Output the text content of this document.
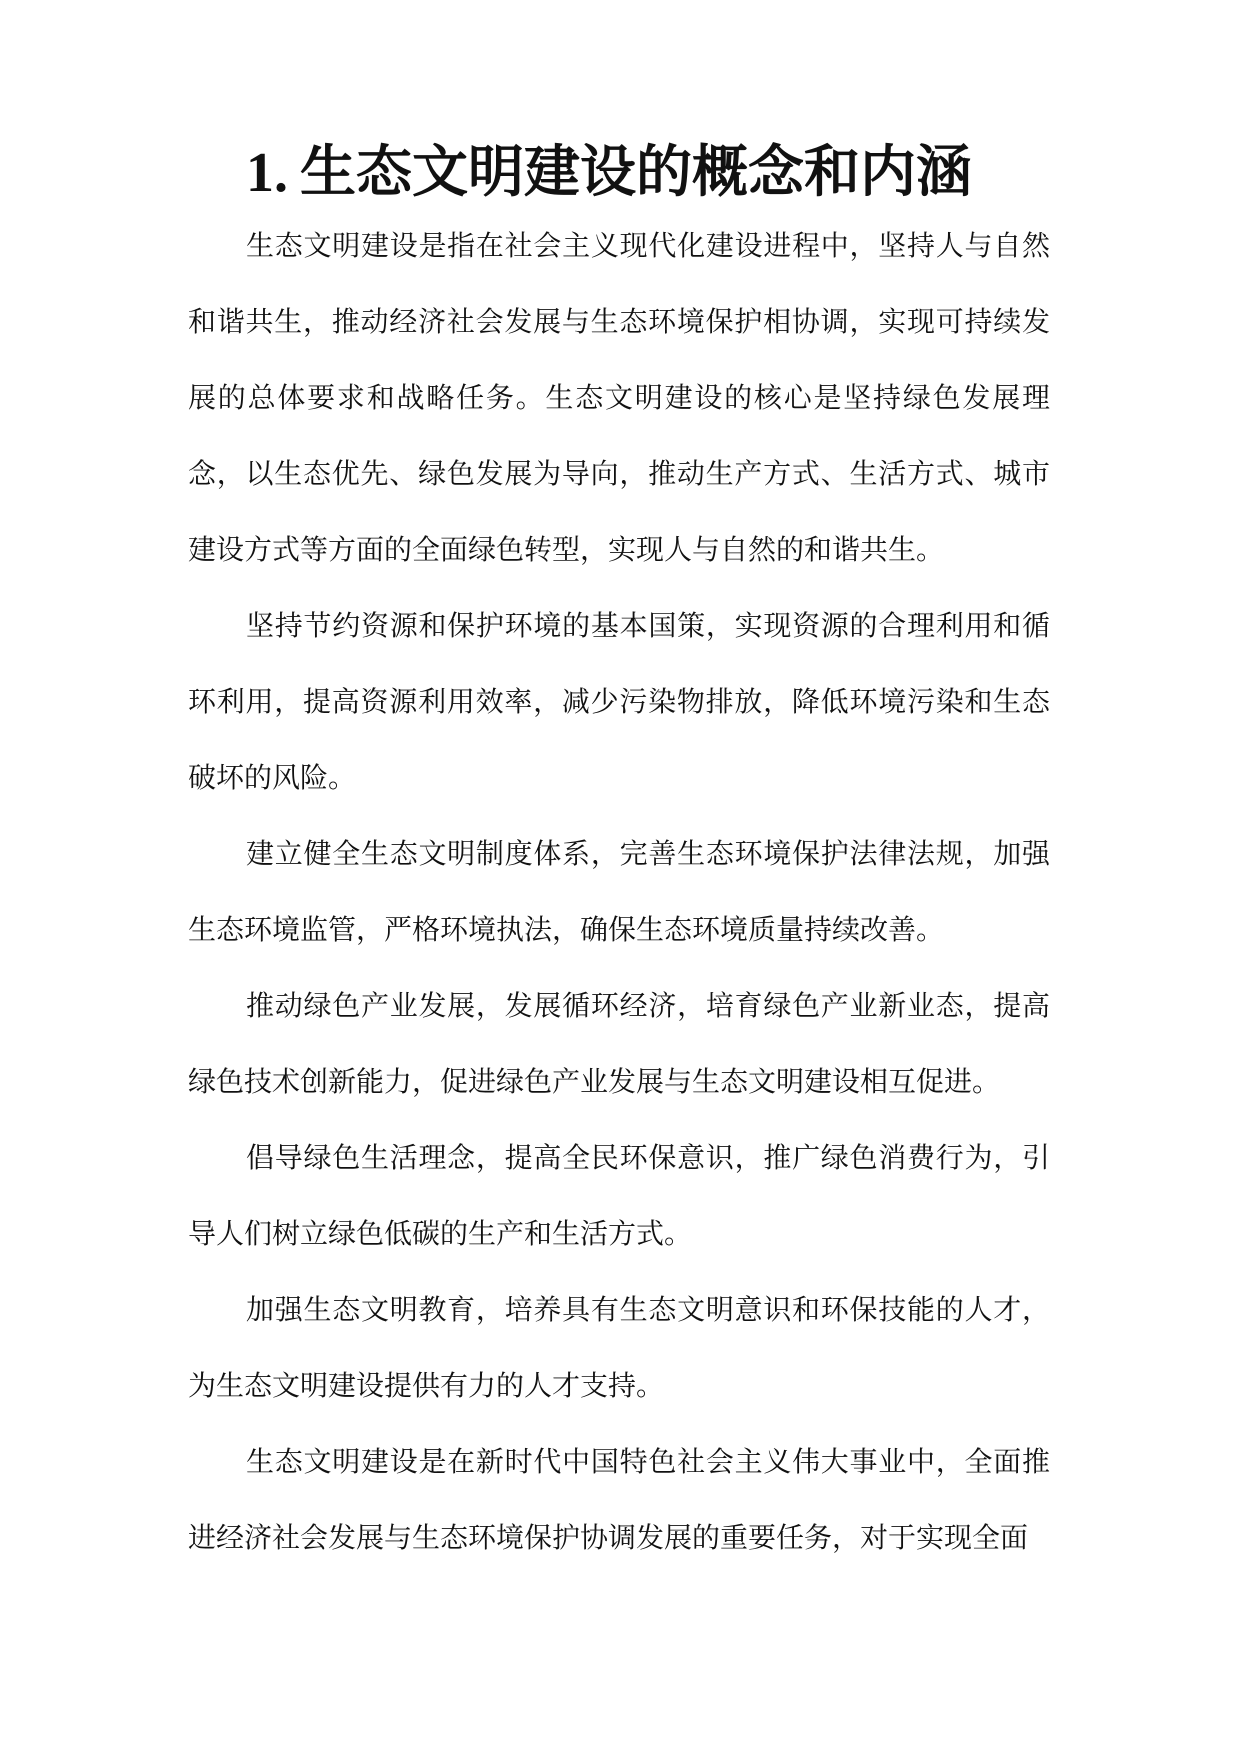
1. 生态文明建设的概念和内涵

生态文明建设是指在社会主义现代化建设进程中，坚持人与自然和谐共生，推动经济社会发展与生态环境保护相协调，实现可持续发展的总体要求和战略任务。生态文明建设的核心是坚持绿色发展理念，以生态优先、绿色发展为导向，推动生产方式、生活方式、城市建设方式等方面的全面绿色转型，实现人与自然的和谐共生。

坚持节约资源和保护环境的基本国策，实现资源的合理利用和循环利用，提高资源利用效率，减少污染物排放，降低环境污染和生态破坏的风险。

建立健全生态文明制度体系，完善生态环境保护法律法规，加强生态环境监管，严格环境执法，确保生态环境质量持续改善。

推动绿色产业发展，发展循环经济，培育绿色产业新业态，提高绿色技术创新能力，促进绿色产业发展与生态文明建设相互促进。

倡导绿色生活理念，提高全民环保意识，推广绿色消费行为，引导人们树立绿色低碳的生产和生活方式。

加强生态文明教育，培养具有生态文明意识和环保技能的人才，为生态文明建设提供有力的人才支持。

生态文明建设是在新时代中国特色社会主义伟大事业中，全面推进经济社会发展与生态环境保护协调发展的重要任务，对于实现全面
